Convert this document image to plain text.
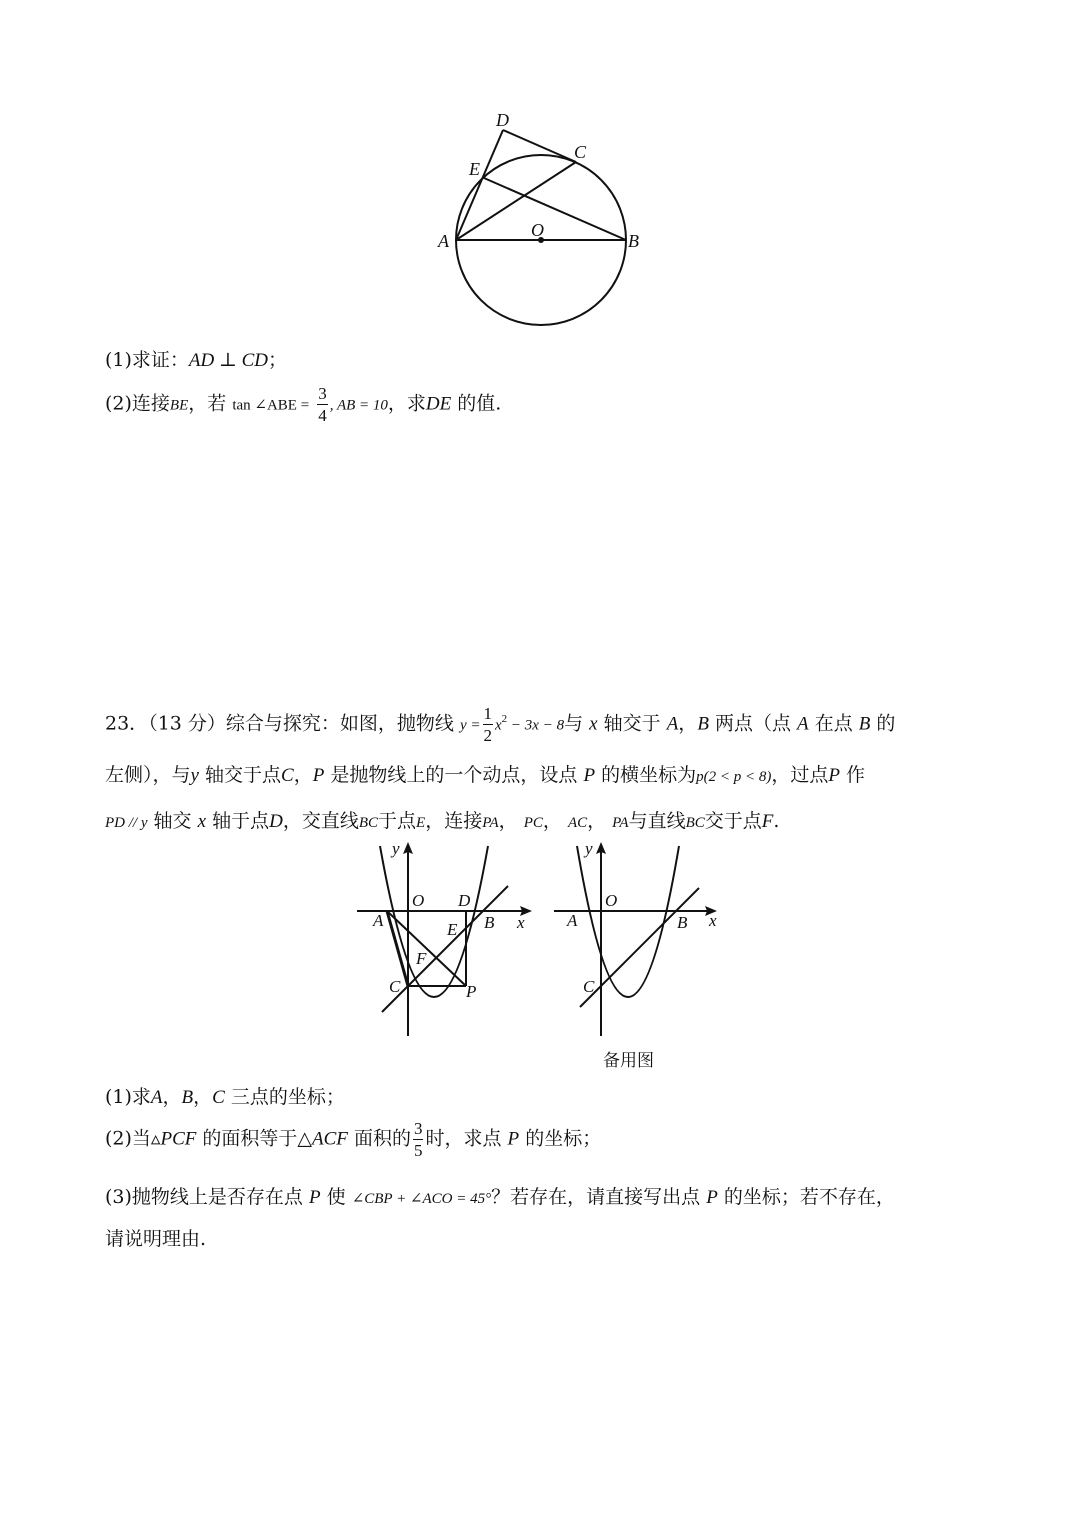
D
C
E
A
O
B
(1)求证：AD ⊥ CD；
(2)连接BE，若 tan ∠ABE = $\frac{3}{4}$ , AB = 10，求DE 的值.
23．（13 分）综合与探究：如图，抛物线 $y = \frac{1}{2} x^2 - 3x - 8$与 x 轴交于 A，B 两点（点 A 在点 B 的
左侧），与y 轴交于点C，P 是抛物线上的一个动点，设点 P 的横坐标为p(2 < p < 8)，过点P 作
PD // y 轴交 x 轴于点D，交直线BC于点E，连接PA， PC， AC， PA与直线BC交于点F.
y
O D
A	E B x
F
C	P
y
O
A	B x
C
备用图
(1)求A，B，C 三点的坐标；
(2)当▵PCF 的面积等于△ACF 面积的 $\frac{3}{5}$ 时，求点 P 的坐标；
(3)抛物线上是否存在点 P 使 ∠CBP + ∠ACO = 45°？若存在，请直接写出点 P 的坐标；若不存在，
请说明理由.
